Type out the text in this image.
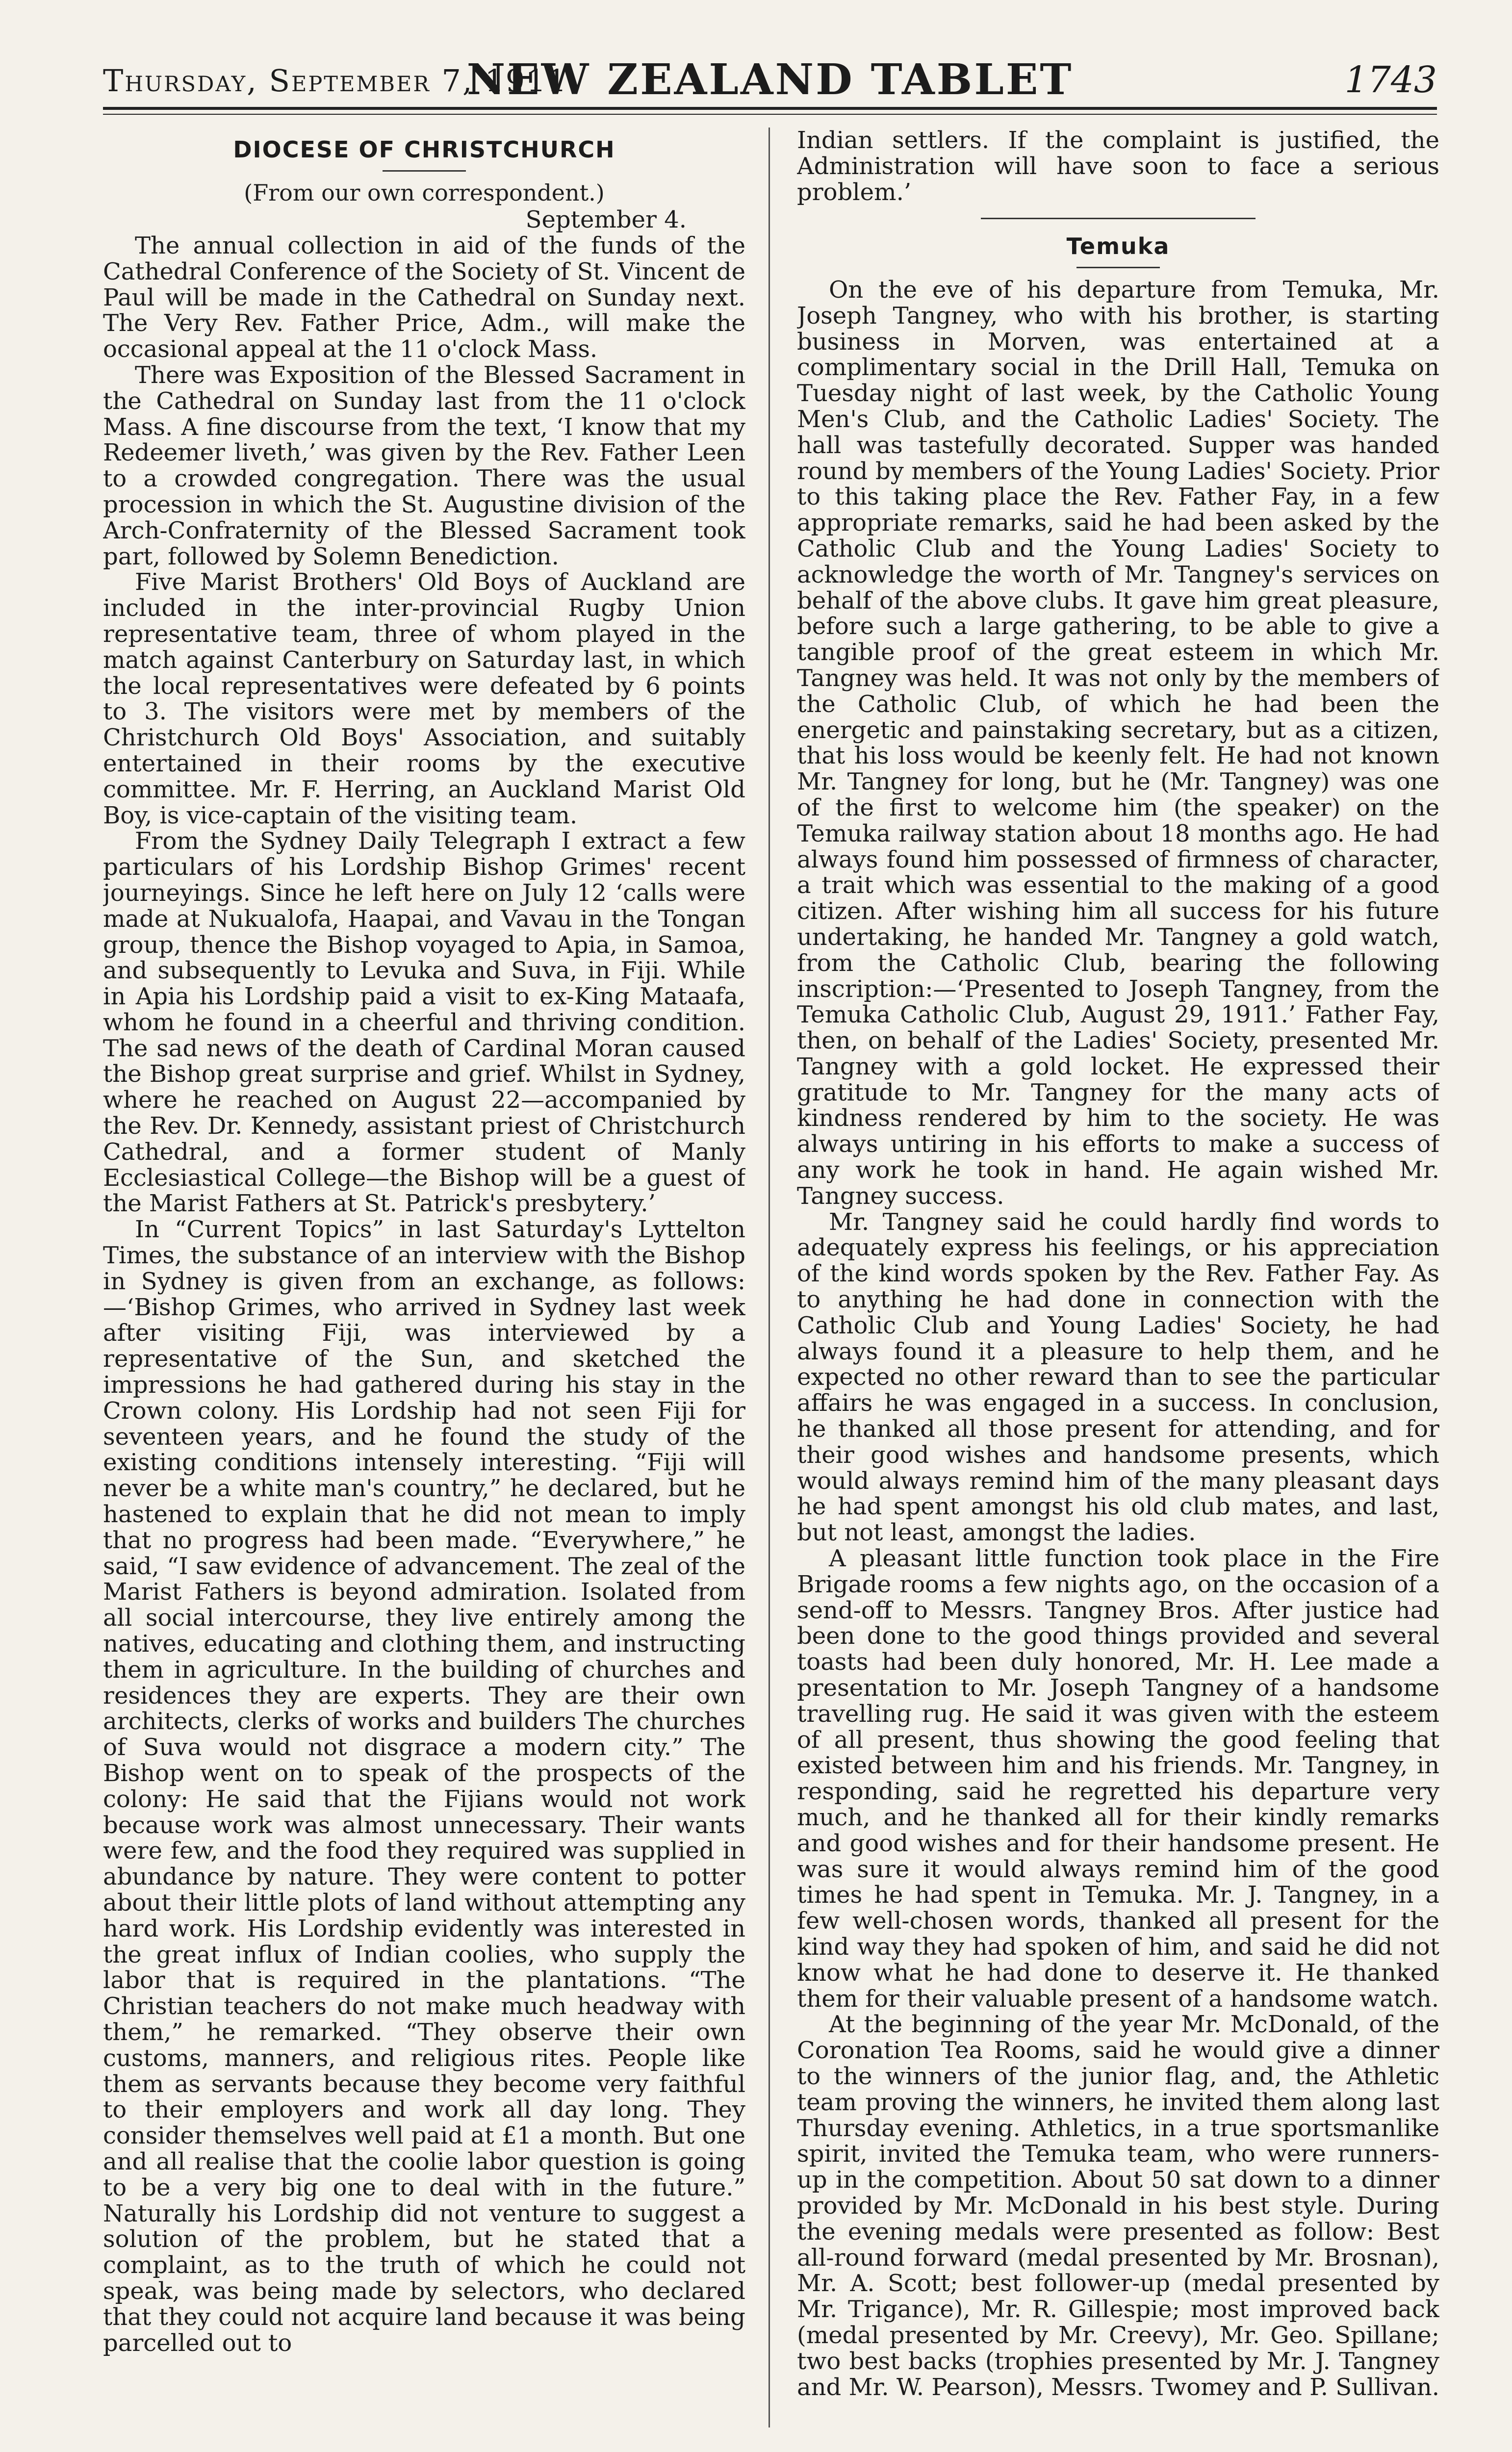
Thursday, September 7, 1911.
NEW ZEALAND TABLET	1743
DIOCESE OF CHRISTCHURCH
(From our own correspondent.)
September 4.

The annual collection in aid of the funds of the Cathedral Conference of the Society of St. Vincent de Paul will be made in the Cathedral on Sunday next. The Very Rev. Father Price, Adm., will make the occasional appeal at the 11 o'clock Mass.

There was Exposition of the Blessed Sacrament in the Cathedral on Sunday last from the 11 o'clock Mass. A fine discourse from the text, ‘I know that my Redeemer liveth,’ was given by the Rev. Father Leen to a crowded congregation. There was the usual procession in which the St. Augustine division of the Arch-Confraternity of the Blessed Sacrament took part, followed by Solemn Benediction.

Five Marist Brothers' Old Boys of Auckland are included in the inter-provincial Rugby Union representative team, three of whom played in the match against Canterbury on Saturday last, in which the local representatives were defeated by 6 points to 3. The visitors were met by members of the Christchurch Old Boys' Association, and suitably entertained in their rooms by the executive committee. Mr. F. Herring, an Auckland Marist Old Boy, is vice-captain of the visiting team.

From the Sydney Daily Telegraph I extract a few particulars of his Lordship Bishop Grimes' recent journeyings. Since he left here on July 12 ‘calls were made at Nukualofa, Haapai, and Vavau in the Tongan group, thence the Bishop voyaged to Apia, in Samoa, and subsequently to Levuka and Suva, in Fiji. While in Apia his Lordship paid a visit to ex-King Mataafa, whom he found in a cheerful and thriving condition. The sad news of the death of Cardinal Moran caused the Bishop great surprise and grief. Whilst in Sydney, where he reached on August 22—accompanied by the Rev. Dr. Kennedy, assistant priest of Christchurch Cathedral, and a former student of Manly Ecclesiastical College—the Bishop will be a guest of the Marist Fathers at St. Patrick's presbytery.’

In “Current Topics” in last Saturday's Lyttelton Times, the substance of an interview with the Bishop in Sydney is given from an exchange, as follows:—‘Bishop Grimes, who arrived in Sydney last week after visiting Fiji, was interviewed by a representative of the Sun, and sketched the impressions he had gathered during his stay in the Crown colony. His Lordship had not seen Fiji for seventeen years, and he found the study of the existing conditions intensely interesting. “Fiji will never be a white man's country,” he declared, but he hastened to explain that he did not mean to imply that no progress had been made. “Everywhere,” he said, “I saw evidence of advancement. The zeal of the Marist Fathers is beyond admiration. Isolated from all social intercourse, they live entirely among the natives, educating and clothing them, and instructing them in agriculture. In the building of churches and residences they are experts. They are their own architects, clerks of works and builders The churches of Suva would not disgrace a modern city.” The Bishop went on to speak of the prospects of the colony: He said that the Fijians would not work because work was almost unnecessary. Their wants were few, and the food they required was supplied in abundance by nature. They were content to potter about their little plots of land without attempting any hard work. His Lordship evidently was interested in the great influx of Indian coolies, who supply the labor that is required in the plantations. “The Christian teachers do not make much headway with them,” he remarked. “They observe their own customs, manners, and religious rites. People like them as servants because they become very faithful to their employers and work all day long. They consider themselves well paid at £1 a month. But one and all realise that the coolie labor question is going to be a very big one to deal with in the future.” Naturally his Lordship did not venture to suggest a solution of the problem, but he stated that a complaint, as to the truth of which he could not speak, was being made by selectors, who declared that they could not acquire land because it was being parcelled out to

Indian settlers. If the complaint is justified, the Administration will have soon to face a serious problem.’

Temuka

On the eve of his departure from Temuka, Mr. Joseph Tangney, who with his brother, is starting business in Morven, was entertained at a complimentary social in the Drill Hall, Temuka on Tuesday night of last week, by the Catholic Young Men's Club, and the Catholic Ladies' Society. The hall was tastefully decorated. Supper was handed round by members of the Young Ladies' Society. Prior to this taking place the Rev. Father Fay, in a few appropriate remarks, said he had been asked by the Catholic Club and the Young Ladies' Society to acknowledge the worth of Mr. Tangney's services on behalf of the above clubs. It gave him great pleasure, before such a large gathering, to be able to give a tangible proof of the great esteem in which Mr. Tangney was held. It was not only by the members of the Catholic Club, of which he had been the energetic and painstaking secretary, but as a citizen, that his loss would be keenly felt. He had not known Mr. Tangney for long, but he (Mr. Tangney) was one of the first to welcome him (the speaker) on the Temuka railway station about 18 months ago. He had always found him possessed of firmness of character, a trait which was essential to the making of a good citizen. After wishing him all success for his future undertaking, he handed Mr. Tangney a gold watch, from the Catholic Club, bearing the following inscription:—‘Presented to Joseph Tangney, from the Temuka Catholic Club, August 29, 1911.’ Father Fay, then, on behalf of the Ladies' Society, presented Mr. Tangney with a gold locket. He expressed their gratitude to Mr. Tangney for the many acts of kindness rendered by him to the society. He was always untiring in his efforts to make a success of any work he took in hand. He again wished Mr. Tangney success.

Mr. Tangney said he could hardly find words to adequately express his feelings, or his appreciation of the kind words spoken by the Rev. Father Fay. As to anything he had done in connection with the Catholic Club and Young Ladies' Society, he had always found it a pleasure to help them, and he expected no other reward than to see the particular affairs he was engaged in a success. In conclusion, he thanked all those present for attending, and for their good wishes and handsome presents, which would always remind him of the many pleasant days he had spent amongst his old club mates, and last, but not least, amongst the ladies.

A pleasant little function took place in the Fire Brigade rooms a few nights ago, on the occasion of a send-off to Messrs. Tangney Bros. After justice had been done to the good things provided and several toasts had been duly honored, Mr. H. Lee made a presentation to Mr. Joseph Tangney of a handsome travelling rug. He said it was given with the esteem of all present, thus showing the good feeling that existed between him and his friends. Mr. Tangney, in responding, said he regretted his departure very much, and he thanked all for their kindly remarks and good wishes and for their handsome present. He was sure it would always remind him of the good times he had spent in Temuka. Mr. J. Tangney, in a few well-chosen words, thanked all present for the kind way they had spoken of him, and said he did not know what he had done to deserve it. He thanked them for their valuable present of a handsome watch.

At the beginning of the year Mr. McDonald, of the Coronation Tea Rooms, said he would give a dinner to the winners of the junior flag, and, the Athletic team proving the winners, he invited them along last Thursday evening. Athletics, in a true sportsmanlike spirit, invited the Temuka team, who were runners-up in the competition. About 50 sat down to a dinner provided by Mr. McDonald in his best style. During the evening medals were presented as follow: Best all-round forward (medal presented by Mr. Brosnan), Mr. A. Scott; best follower-up (medal presented by Mr. Trigance), Mr. R. Gillespie; most improved back (medal presented by Mr. Creevy), Mr. Geo. Spillane; two best backs (trophies presented by Mr. J. Tangney and Mr. W. Pearson), Messrs. Twomey and P. Sullivan.
